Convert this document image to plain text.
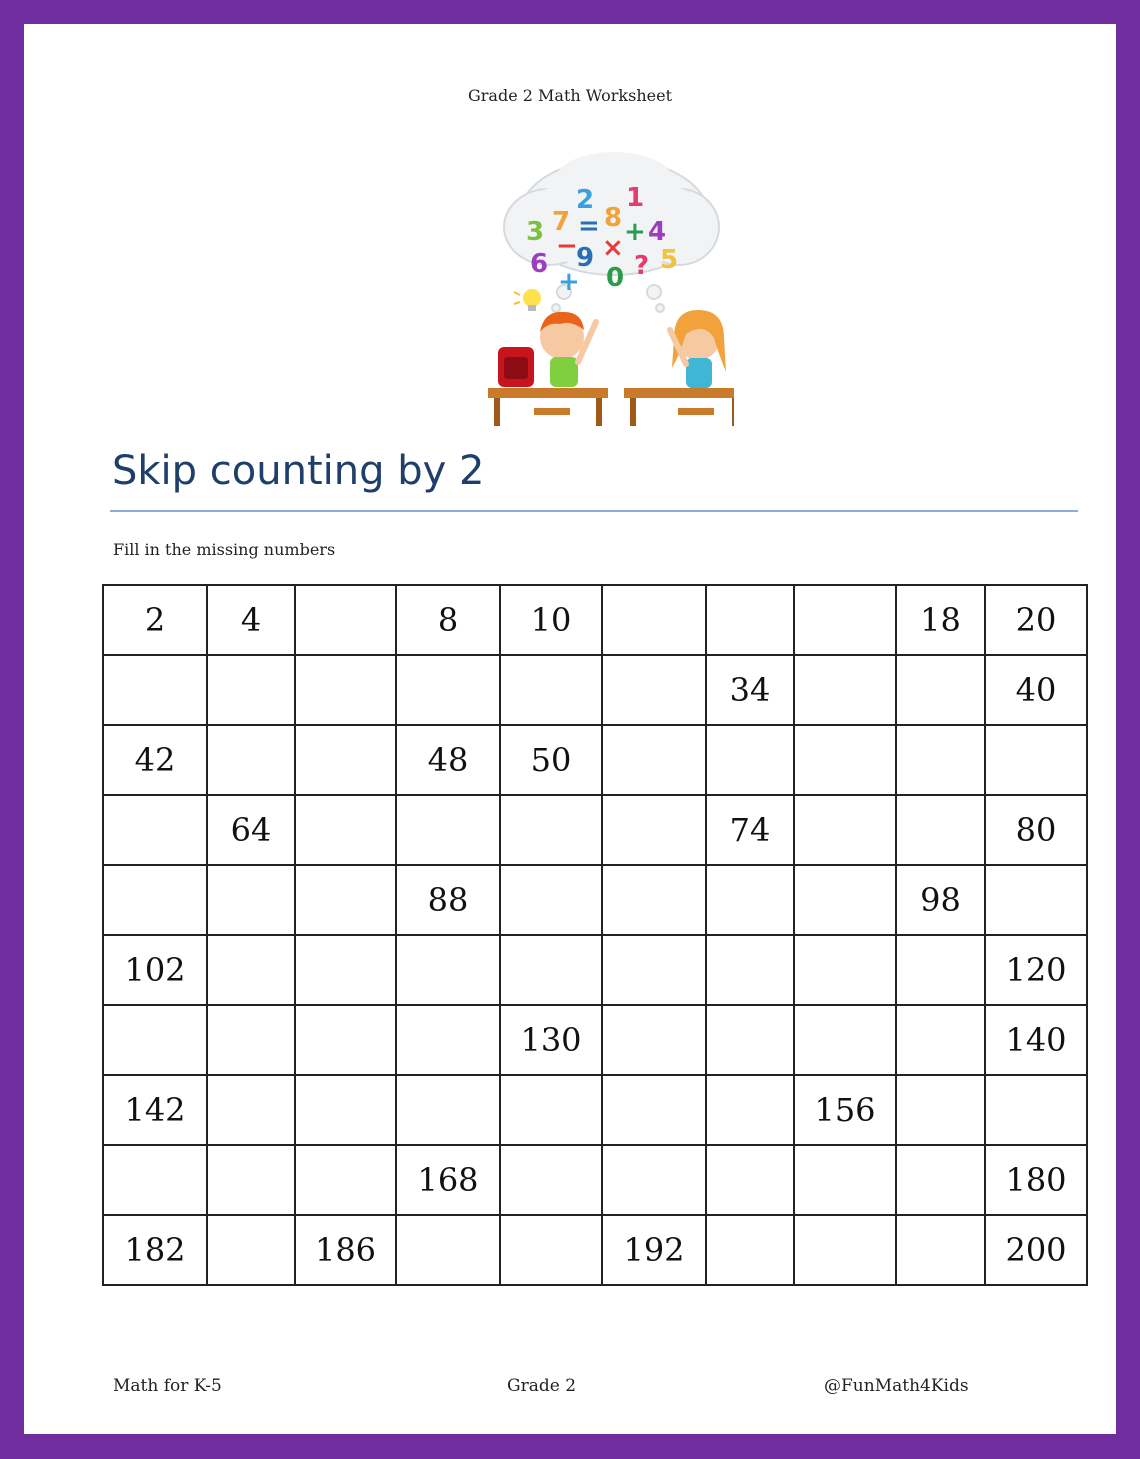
Grade 2 Math Worksheet
3 7
2
= 8
1
+ 4
6
−
9 ×
? 5
+ 0
Skip counting by 2
Fill in the missing numbers
2	4		8	10				18	20
						34			40
42			48	50					
	64					74			80
			88					98	
102									120
				130					140
142							156		
			168						180
182		186			192				200
Math for K-5	Grade 2	@FunMath4Kids
